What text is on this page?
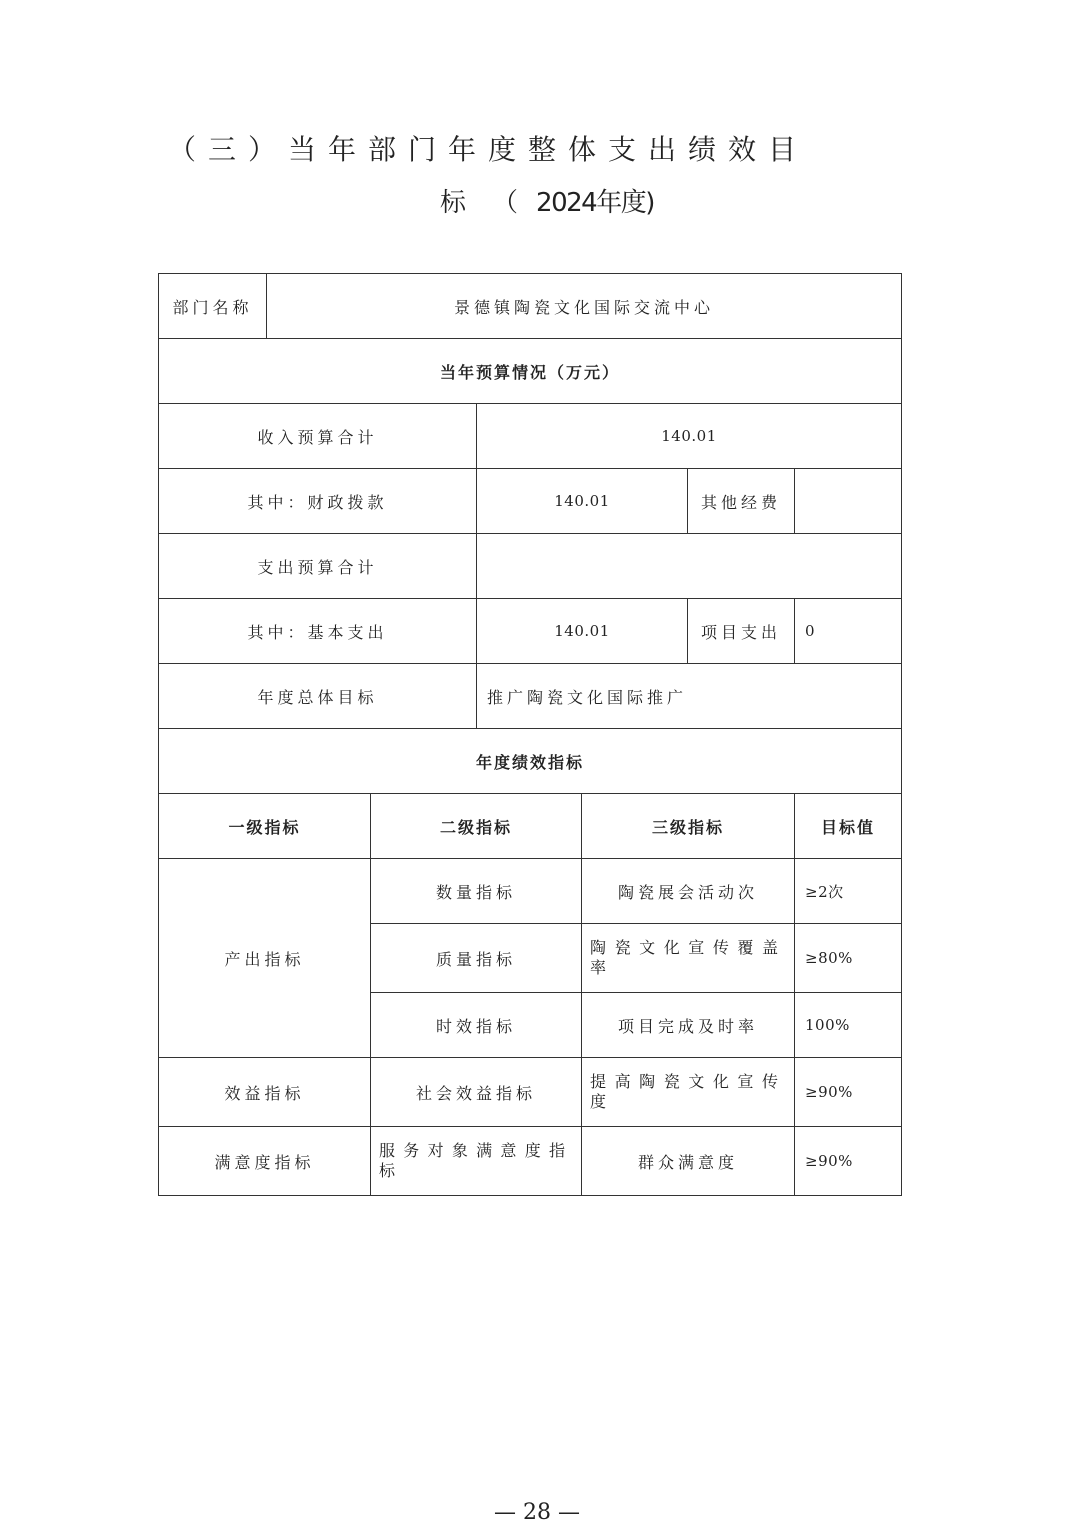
（三）当年部门年度整体支出绩效目
标 （ 2024年度)
部门名称	景德镇陶瓷文化国际交流中心					
当年预算情况（万元）						
收入预算合计			140.01			
其中：财政拨款			140.01		其他经费	
支出预算合计						
其中：基本支出			140.01		项目支出	0
年度总体目标			推广陶瓷文化国际推广			
年度绩效指标						
一级指标		二级指标		三级指标		目标值
产出指标		数量指标		陶瓷展会活动次		≥2次
		质量指标		陶瓷文化宣传覆盖率		≥80%
		时效指标		项目完成及时率		100%
效益指标		社会效益指标		提高陶瓷文化宣传度		≥90%
满意度指标		服务对象满意度指标		群众满意度		≥90%
— 28 —
